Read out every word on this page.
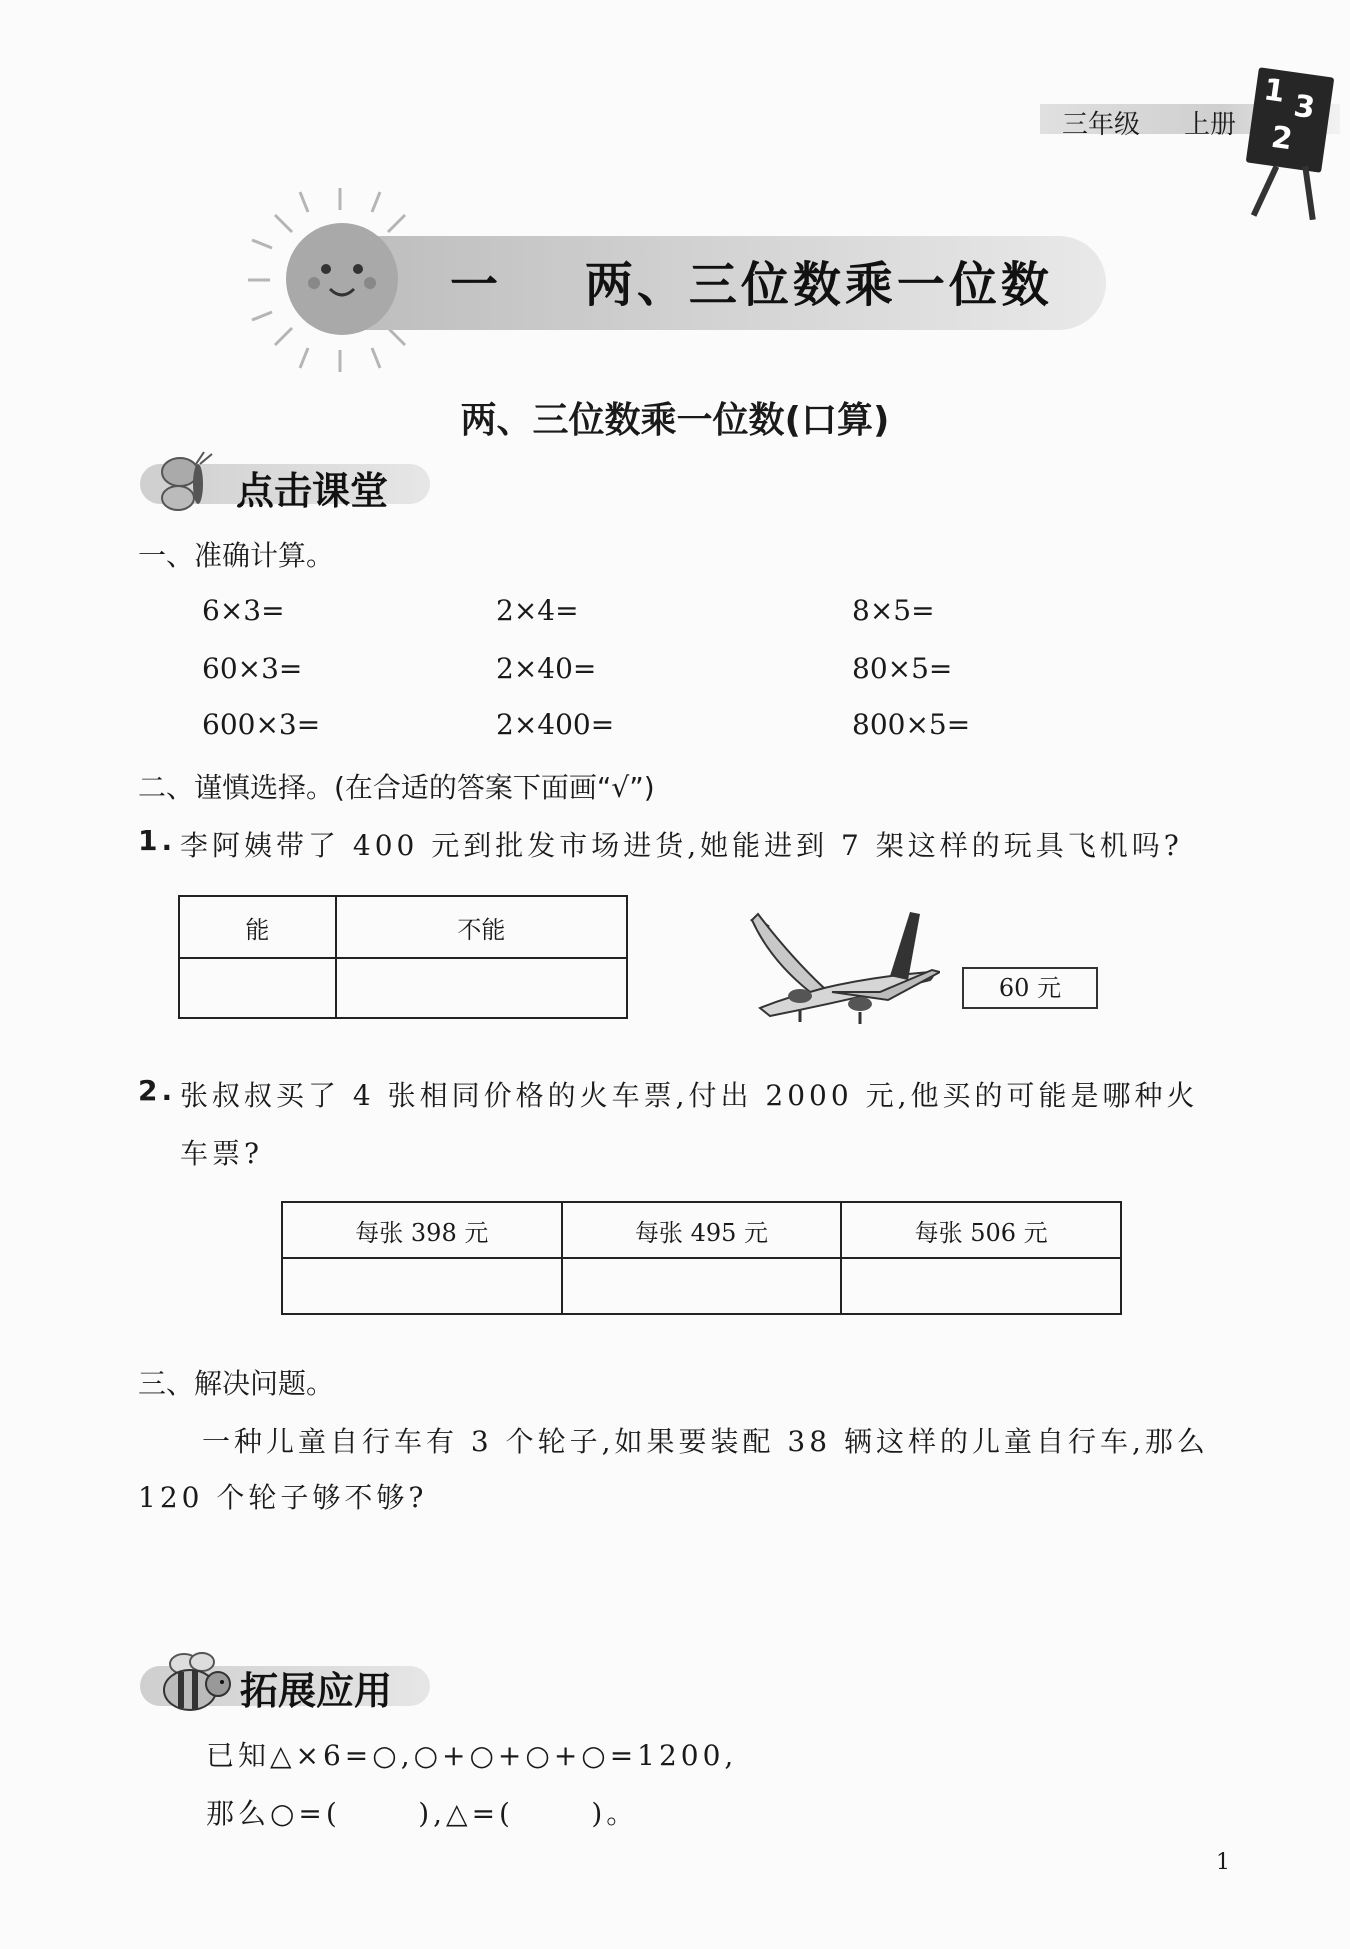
三年级 上册
1 3
2
一 两、三位数乘一位数
两、三位数乘一位数(口算)
点击课堂
一、准确计算。
6×3=	2×4=	8×5=
60×3=	2×40=	80×5=
600×3=	2×400=	800×5=
二、谨慎选择。(在合适的答案下面画“√”)
1. 李阿姨带了 400 元到批发市场进货,她能进到 7 架这样的玩具飞机吗?
能	不能

60 元
2. 张叔叔买了 4 张相同价格的火车票,付出 2000 元,他买的可能是哪种火
车票?
每张 398 元	每张 495 元	每张 506 元

三、解决问题。
一种儿童自行车有 3 个轮子,如果要装配 38 辆这样的儿童自行车,那么
120 个轮子够不够?
拓展应用
已知△×6=○,○+○+○+○=1200,
那么○=(      ),△=(      )。
1
